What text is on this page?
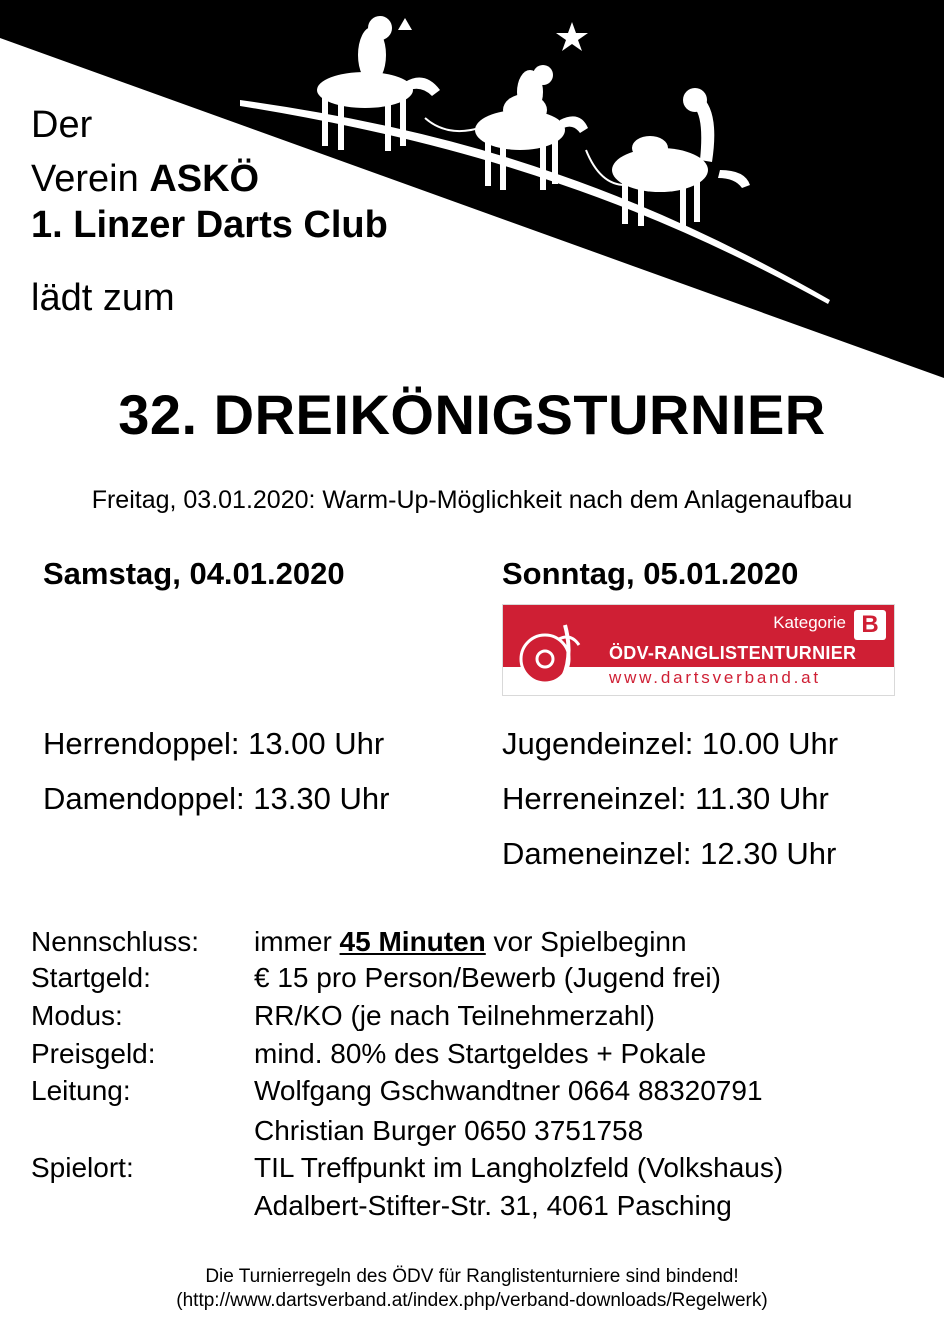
Der
Verein ASKÖ
1. Linzer Darts Club
lädt zum
32. DREIKÖNIGSTURNIER
Freitag, 03.01.2020: Warm-Up-Möglichkeit nach dem Anlagenaufbau
Samstag, 04.01.2020	Sonntag, 05.01.2020
Kategorie B
ÖDV-RANGLISTENTURNIER
www.dartsverband.at
Herrendoppel: 13.00 Uhr
Damendoppel: 13.30 Uhr
Jugendeinzel: 10.00 Uhr
Herreneinzel: 11.30 Uhr
Dameneinzel: 12.30 Uhr
Nennschluss: immer 45 Minuten vor Spielbeginn
Startgeld:	€ 15 pro Person/Bewerb (Jugend frei)
Modus:	RR/KO (je nach Teilnehmerzahl)
Preisgeld:	mind. 80% des Startgeldes + Pokale
Leitung:	Wolfgang Gschwandtner 0664 88320791
Christian Burger 0650 3751758
Spielort:	TIL Treffpunkt im Langholzfeld (Volkshaus)
Adalbert-Stifter-Str. 31, 4061 Pasching
Die Turnierregeln des ÖDV für Ranglistenturniere sind bindend!
(http://www.dartsverband.at/index.php/verband-downloads/Regelwerk)
